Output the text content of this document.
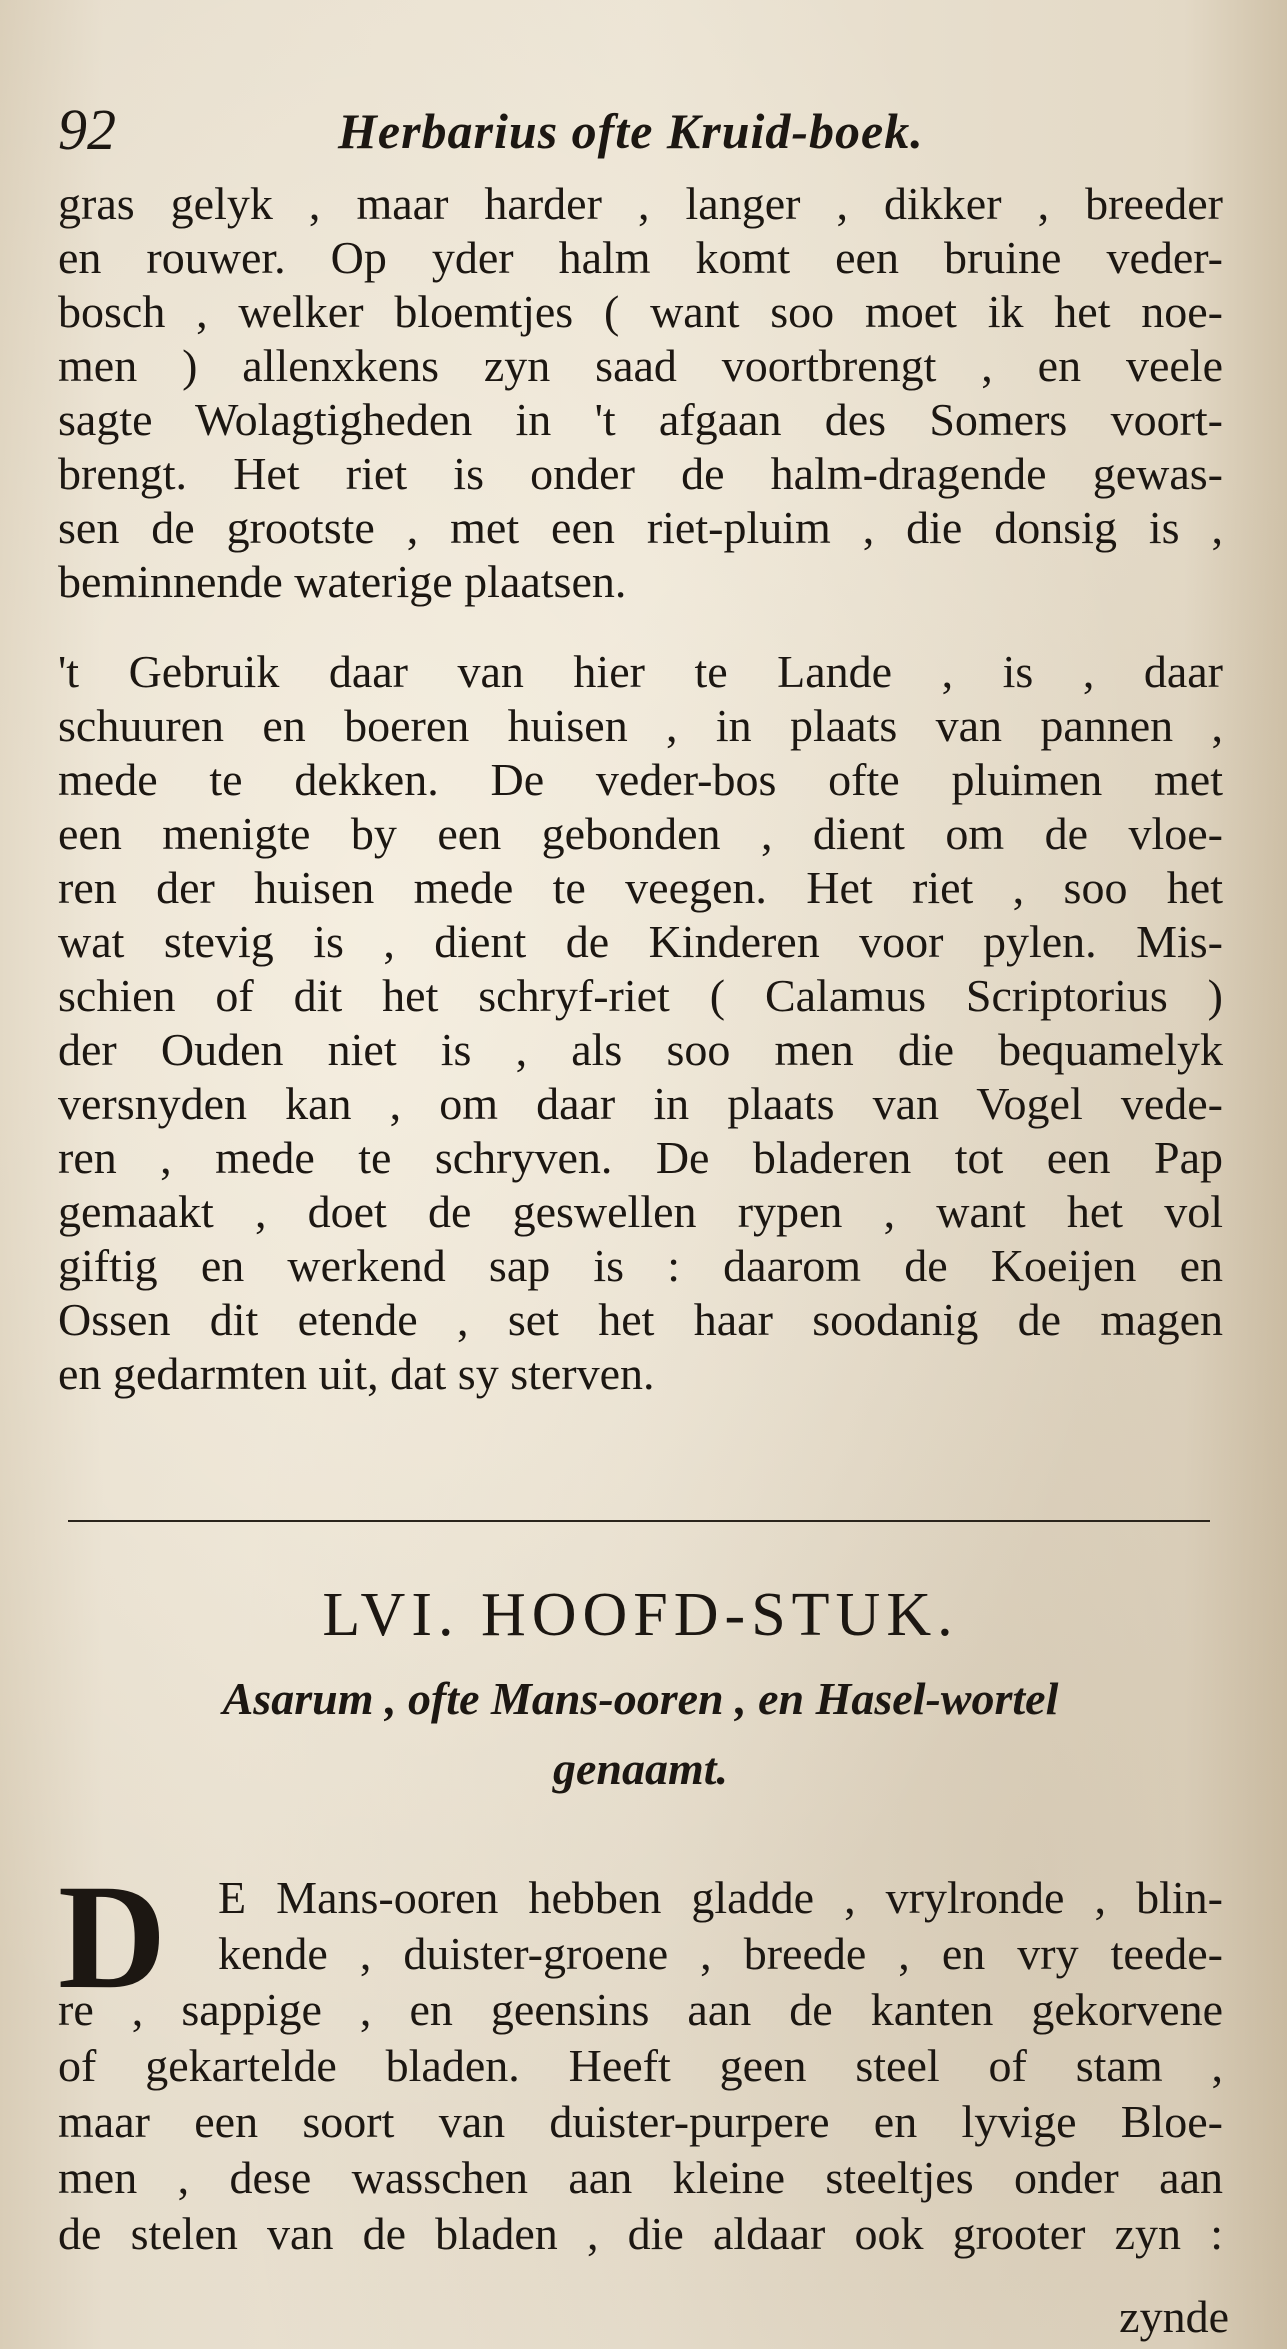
92	Herbarius ofte Kruid-boek.
gras gelyk , maar harder , langer , dikker , breeder
en rouwer. Op yder halm komt een bruine veder-
bosch , welker bloemtjes ( want soo moet ik het noe-
men ) allenxkens zyn saad voortbrengt , en veele
sagte Wolagtigheden in 't afgaan des Somers voort-
brengt. Het riet is onder de halm-dragende gewas-
sen de grootste , met een riet-pluim , die donsig is ,
beminnende waterige plaatsen.
't Gebruik daar van hier te Lande , is , daar
schuuren en boeren huisen , in plaats van pannen ,
mede te dekken. De veder-bos ofte pluimen met
een menigte by een gebonden , dient om de vloe-
ren der huisen mede te veegen. Het riet , soo het
wat stevig is , dient de Kinderen voor pylen. Mis-
schien of dit het schryf-riet ( Calamus Scriptorius )
der Ouden niet is , als soo men die bequamelyk
versnyden kan , om daar in plaats van Vogel vede-
ren , mede te schryven. De bladeren tot een Pap
gemaakt , doet de geswellen rypen , want het vol
giftig en werkend sap is : daarom de Koeijen en
Ossen dit etende , set het haar soodanig de magen
en gedarmten uit, dat sy sterven.
LVI. HOOFD-STUK.
Asarum , ofte Mans-ooren , en Hasel-wortel
genaamt.
D	E Mans-ooren hebben gladde , vrylronde , blin-
kende , duister-groene , breede , en vry teede-
re , sappige , en geensins aan de kanten gekorvene
of gekartelde bladen. Heeft geen steel of stam ,
maar een soort van duister-purpere en lyvige Bloe-
men , dese wasschen aan kleine steeltjes onder aan
de stelen van de bladen , die aldaar ook grooter zyn :
zynde
